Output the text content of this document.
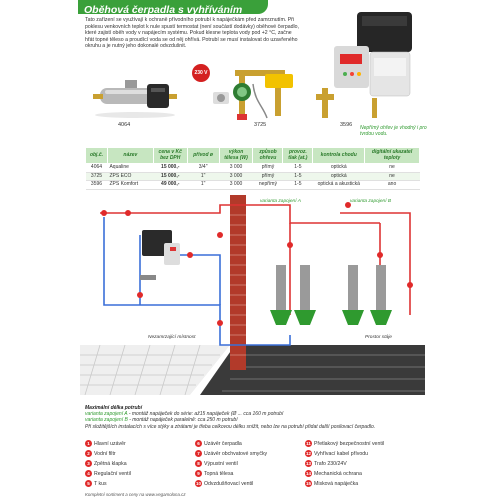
Oběhová čerpadla s vyhříváním
Tato zařízení se využívají k ochraně přívodního potrubí k napáječkám před zamrznutím. Při poklesu venkovních teplot k nule spustí termostat (není součástí dodávky) oběhové čerpadlo, které zajistí oběh vody v napájecím systému. Pokud klesne teplota vody pod +2 °C, začne hřát topné těleso a proudící voda se od něj ohřívá. Potrubí se musí instalovat do uzavřeného okruhu a je nutný jeho dokonalé odvzdušnit.
4064	3725
230 V
3596 Nepřímý ohřev je vhodný i pro tvrdou vodu.
obj.č.	název	cena v Kč bez DPH	přívod ø	výkon tělesa (W)	způsob ohřevu	provoz. tlak (at.)	kontrola chodu	digitální ukazatel teploty
4064	Aqualine	15 000,-	3/4"	3 000	přímý	1-5	optická	ne
3725	ZPS ECO	15 000,-	1"	3 000	přímý	1-5	optická	ne
3596	ZPS Komfort	49 000,-	1"	3 000	nepřímý	1-5	optická a akustická	ano
varianta zapojení A	varianta zapojení B
Nezamrzající místnost	Prostor stáje
Maximální délka potrubí
varianta zapojení A - montáž napáječek do série: až15 napáječek (Ø ... cca 160 m potrubí
varianta zapojení B - montáž napáječek paralelně: cca 250 m potrubí
Při složitějších instalacích s více stýky a ztrátami je třeba celkovou délku snížit, nebo lze na potrubí přidat další posilovací čerpadlo.
1 Hlavní uzávěr
2 Vodní filtr
3 Zpětná klapka
4 Regulační ventil
5 T kus
6 Uzávěr čerpadla
7 Uzávěr obchvatové smyčky
8 Výpustní ventil
9 Topná tělesa
10 Odvzdušňovací ventil
11 Přetlakový bezpečnostní ventil
12 Vyhřívací kabel přívodu
13 Trafo 230/24V
14 Mechanická ochrana
15 Misková napáječka
Kompletní sortiment a ceny na www.vegamolona.cz
